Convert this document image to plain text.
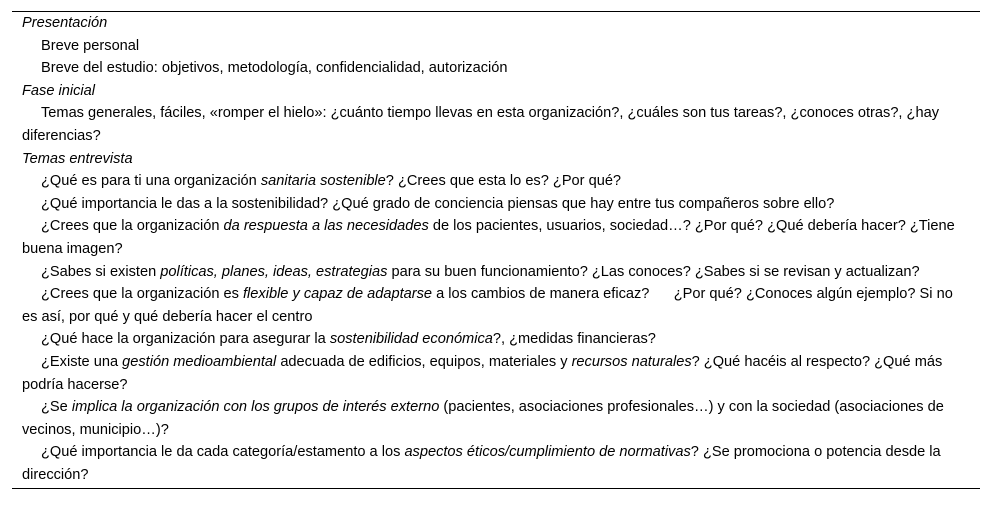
Presentación
Breve personal
Breve del estudio: objetivos, metodología, confidencialidad, autorización
Fase inicial
Temas generales, fáciles, «romper el hielo»: ¿cuánto tiempo llevas en esta organización?, ¿cuáles son tus tareas?, ¿conoces otras?, ¿hay diferencias?
Temas entrevista
¿Qué es para ti una organización sanitaria sostenible? ¿Crees que esta lo es? ¿Por qué?
¿Qué importancia le das a la sostenibilidad? ¿Qué grado de conciencia piensas que hay entre tus compañeros sobre ello?
¿Crees que la organización da respuesta a las necesidades de los pacientes, usuarios, sociedad…? ¿Por qué? ¿Qué debería hacer? ¿Tiene buena imagen?
¿Sabes si existen políticas, planes, ideas, estrategias para su buen funcionamiento? ¿Las conoces? ¿Sabes si se revisan y actualizan?
¿Crees que la organización es flexible y capaz de adaptarse a los cambios de manera eficaz?      ¿Por qué? ¿Conoces algún ejemplo? Si no es así, por qué y qué debería hacer el centro
¿Qué hace la organización para asegurar la sostenibilidad económica?, ¿medidas financieras?
¿Existe una gestión medioambiental adecuada de edificios, equipos, materiales y recursos naturales? ¿Qué hacéis al respecto? ¿Qué más podría hacerse?
¿Se implica la organización con los grupos de interés externo (pacientes, asociaciones profesionales…) y con la sociedad (asociaciones de vecinos, municipio…)?
¿Qué importancia le da cada categoría/estamento a los aspectos éticos/cumplimiento de normativas? ¿Se promociona o potencia desde la dirección?
